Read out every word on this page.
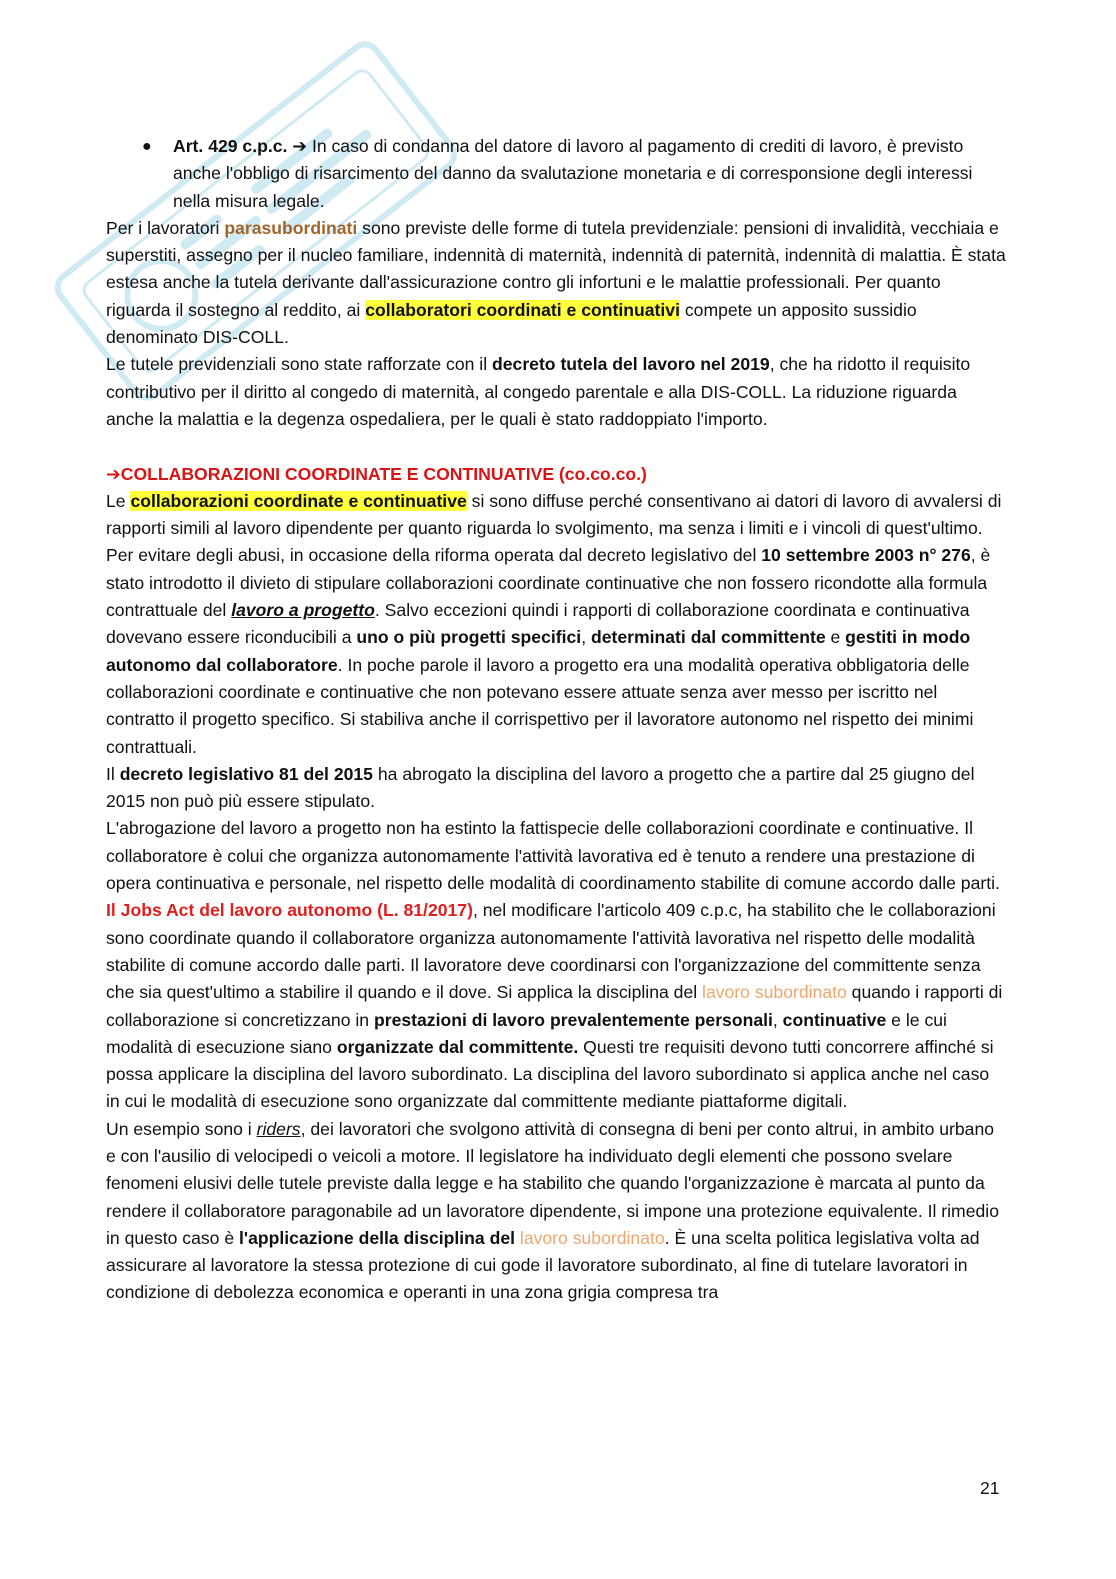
● Art. 429 c.p.c. ➔ In caso di condanna del datore di lavoro al pagamento di crediti di lavoro, è previsto anche l'obbligo di risarcimento del danno da svalutazione monetaria e di corresponsione degli interessi nella misura legale.

Per i lavoratori parasubordinati sono previste delle forme di tutela previdenziale: pensioni di invalidità, vecchiaia e superstiti, assegno per il nucleo familiare, indennità di maternità, indennità di paternità, indennità di malattia. È stata estesa anche la tutela derivante dall'assicurazione contro gli infortuni e le malattie professionali. Per quanto riguarda il sostegno al reddito, ai collaboratori coordinati e continuativi compete un apposito sussidio denominato DIS-COLL.

Le tutele previdenziali sono state rafforzate con il decreto tutela del lavoro nel 2019, che ha ridotto il requisito contributivo per il diritto al congedo di maternità, al congedo parentale e alla DIS-COLL. La riduzione riguarda anche la malattia e la degenza ospedaliera, per le quali è stato raddoppiato l'importo.

➔COLLABORAZIONI COORDINATE E CONTINUATIVE (co.co.co.)

Le collaborazioni coordinate e continuative si sono diffuse perché consentivano ai datori di lavoro di avvalersi di rapporti simili al lavoro dipendente per quanto riguarda lo svolgimento, ma senza i limiti e i vincoli di quest'ultimo. Per evitare degli abusi, in occasione della riforma operata dal decreto legislativo del 10 settembre 2003 n° 276, è stato introdotto il divieto di stipulare collaborazioni coordinate continuative che non fossero ricondotte alla formula contrattuale del lavoro a progetto. Salvo eccezioni quindi i rapporti di collaborazione coordinata e continuativa dovevano essere riconducibili a uno o più progetti specifici, determinati dal committente e gestiti in modo autonomo dal collaboratore. In poche parole il lavoro a progetto era una modalità operativa obbligatoria delle collaborazioni coordinate e continuative che non potevano essere attuate senza aver messo per iscritto nel contratto il progetto specifico. Si stabiliva anche il corrispettivo per il lavoratore autonomo nel rispetto dei minimi contrattuali.

Il decreto legislativo 81 del 2015 ha abrogato la disciplina del lavoro a progetto che a partire dal 25 giugno del 2015 non può più essere stipulato.

L'abrogazione del lavoro a progetto non ha estinto la fattispecie delle collaborazioni coordinate e continuative. Il collaboratore è colui che organizza autonomamente l'attività lavorativa ed è tenuto a rendere una prestazione di opera continuativa e personale, nel rispetto delle modalità di coordinamento stabilite di comune accordo dalle parti. Il Jobs Act del lavoro autonomo (L. 81/2017), nel modificare l'articolo 409 c.p.c, ha stabilito che le collaborazioni sono coordinate quando il collaboratore organizza autonomamente l'attività lavorativa nel rispetto delle modalità stabilite di comune accordo dalle parti. Il lavoratore deve coordinarsi con l'organizzazione del committente senza che sia quest'ultimo a stabilire il quando e il dove. Si applica la disciplina del lavoro subordinato quando i rapporti di collaborazione si concretizzano in prestazioni di lavoro prevalentemente personali, continuative e le cui modalità di esecuzione siano organizzate dal committente. Questi tre requisiti devono tutti concorrere affinché si possa applicare la disciplina del lavoro subordinato. La disciplina del lavoro subordinato si applica anche nel caso in cui le modalità di esecuzione sono organizzate dal committente mediante piattaforme digitali.

Un esempio sono i riders, dei lavoratori che svolgono attività di consegna di beni per conto altrui, in ambito urbano e con l'ausilio di velocipedi o veicoli a motore. Il legislatore ha individuato degli elementi che possono svelare fenomeni elusivi delle tutele previste dalla legge e ha stabilito che quando l'organizzazione è marcata al punto da rendere il collaboratore paragonabile ad un lavoratore dipendente, si impone una protezione equivalente. Il rimedio in questo caso è l'applicazione della disciplina del lavoro subordinato. È una scelta politica legislativa volta ad assicurare al lavoratore la stessa protezione di cui gode il lavoratore subordinato, al fine di tutelare lavoratori in condizione di debolezza economica e operanti in una zona grigia compresa tra

21
